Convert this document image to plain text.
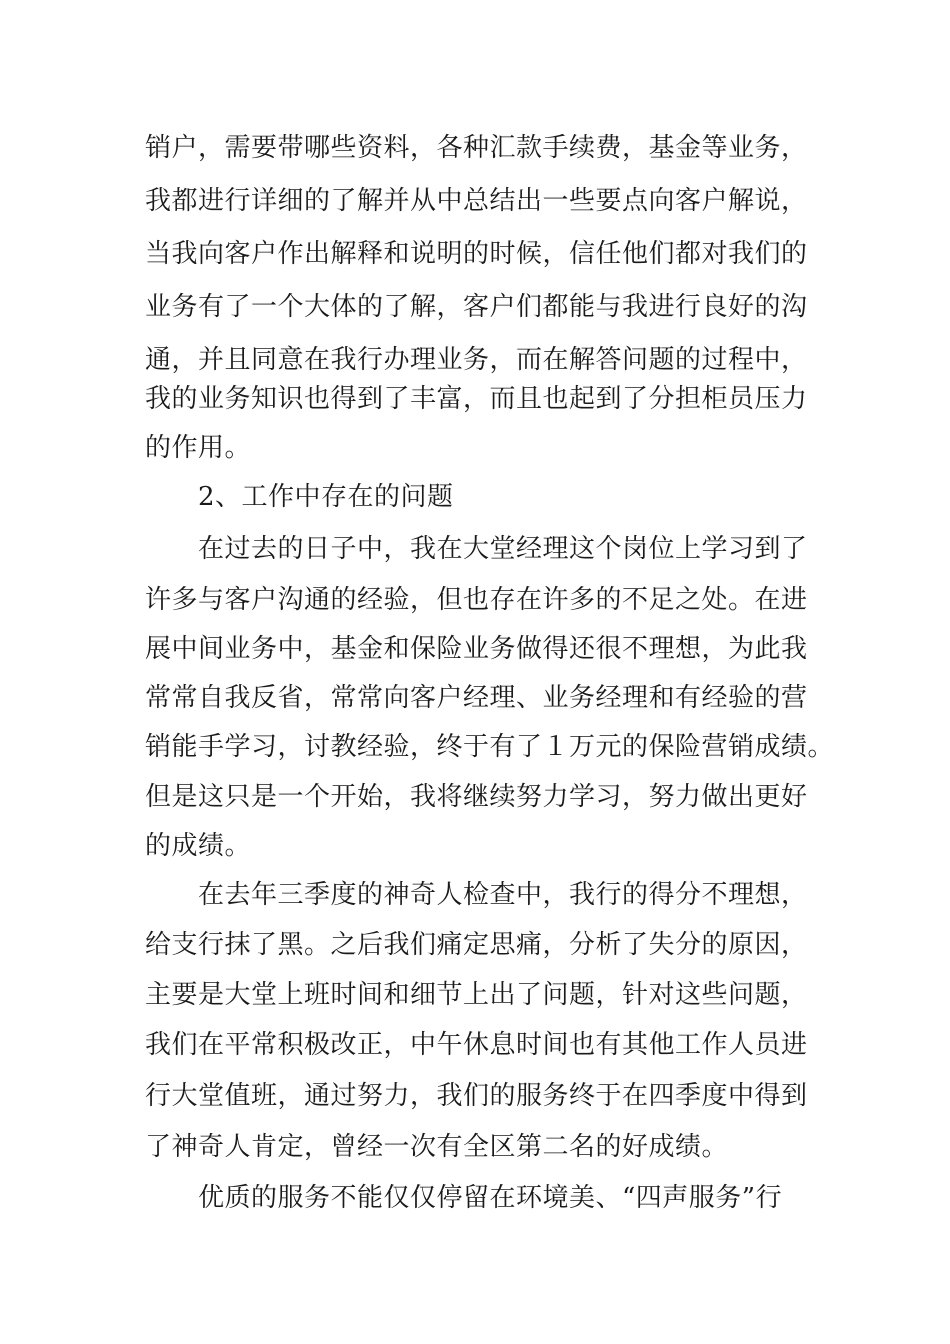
销户，需要带哪些资料，各种汇款手续费，基金等业务，
我都进行详细的了解并从中总结出一些要点向客户解说，
当我向客户作出解释和说明的时候，信任他们都对我们的
业务有了一个大体的了解，客户们都能与我进行良好的沟
通，并且同意在我行办理业务，而在解答问题的过程中，
我的业务知识也得到了丰富，而且也起到了分担柜员压力
的作用。
2、工作中存在的问题
在过去的日子中，我在大堂经理这个岗位上学习到了
许多与客户沟通的经验，但也存在许多的不足之处。在进
展中间业务中，基金和保险业务做得还很不理想，为此我
常常自我反省，常常向客户经理、业务经理和有经验的营
销能手学习，讨教经验，终于有了１万元的保险营销成绩。
但是这只是一个开始，我将继续努力学习，努力做出更好
的成绩。
在去年三季度的神奇人检查中，我行的得分不理想，
给支行抹了黑。之后我们痛定思痛，分析了失分的原因，
主要是大堂上班时间和细节上出了问题，针对这些问题，
我们在平常积极改正，中午休息时间也有其他工作人员进
行大堂值班，通过努力，我们的服务终于在四季度中得到
了神奇人肯定，曾经一次有全区第二名的好成绩。
优质的服务不能仅仅停留在环境美、“四声服务”行
